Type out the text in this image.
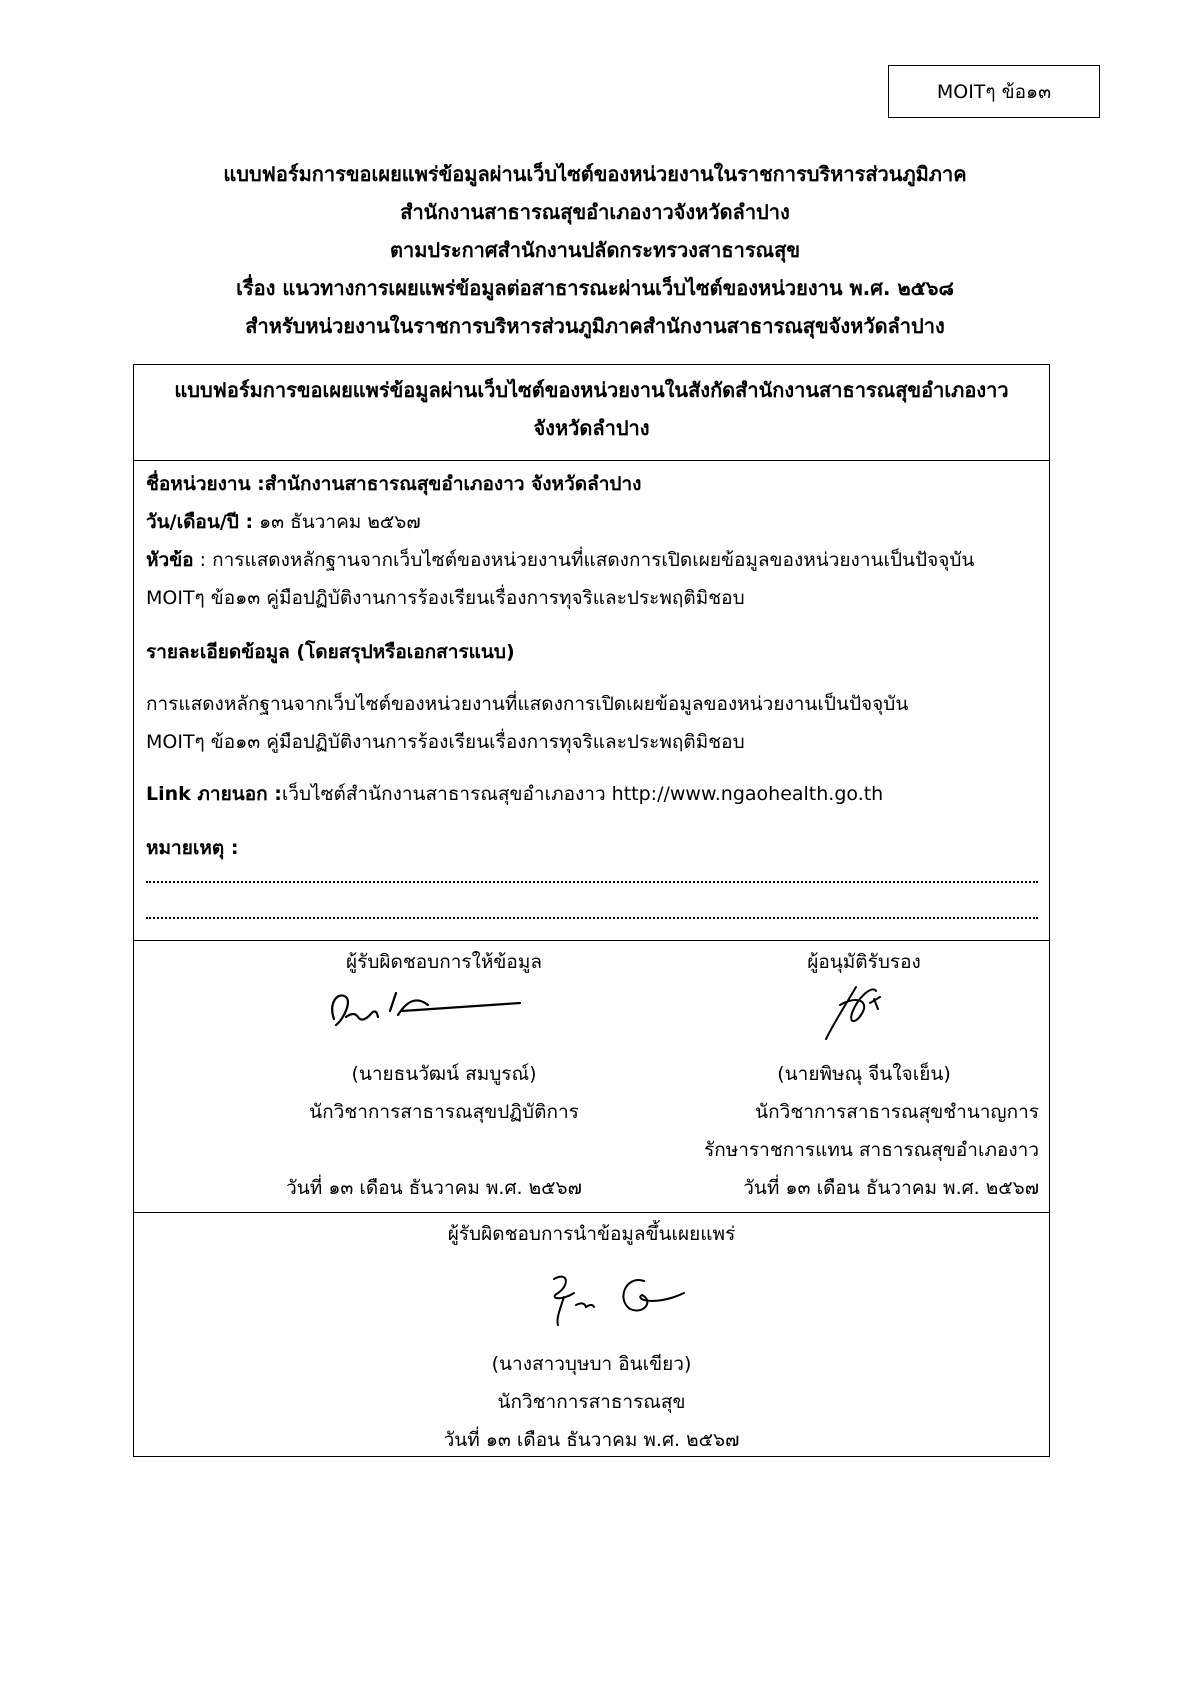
MOITๆ ข้อ๑๓
แบบฟอร์มการขอเผยแพร่ข้อมูลผ่านเว็บไซต์ของหน่วยงานในราชการบริหารส่วนภูมิภาค
สำนักงานสาธารณสุขอำเภองาวจังหวัดลำปาง
ตามประกาศสำนักงานปลัดกระทรวงสาธารณสุข
เรื่อง แนวทางการเผยแพร่ข้อมูลต่อสาธารณะผ่านเว็บไซต์ของหน่วยงาน พ.ศ. ๒๕๖๘
สำหรับหน่วยงานในราชการบริหารส่วนภูมิภาคสำนักงานสาธารณสุขจังหวัดลำปาง
แบบฟอร์มการขอเผยแพร่ข้อมูลผ่านเว็บไซต์ของหน่วยงานในสังกัดสำนักงานสาธารณสุขอำเภองาว
จังหวัดลำปาง
ชื่อหน่วยงาน :สำนักงานสาธารณสุขอำเภองาว จังหวัดลำปาง
วัน/เดือน/ปี : ๑๓ ธันวาคม ๒๕๖๗
หัวข้อ : การแสดงหลักฐานจากเว็บไซต์ของหน่วยงานที่แสดงการเปิดเผยข้อมูลของหน่วยงานเป็นปัจจุบัน
MOITๆ ข้อ๑๓ คู่มือปฏิบัติงานการร้องเรียนเรื่องการทุจริและประพฤติมิชอบ
รายละเอียดข้อมูล (โดยสรุปหรือเอกสารแนบ)
การแสดงหลักฐานจากเว็บไซต์ของหน่วยงานที่แสดงการเปิดเผยข้อมูลของหน่วยงานเป็นปัจจุบัน
MOITๆ ข้อ๑๓ คู่มือปฏิบัติงานการร้องเรียนเรื่องการทุจริและประพฤติมิชอบ
Link ภายนอก :เว็บไซต์สำนักงานสาธารณสุขอำเภองาว http://www.ngaohealth.go.th
หมายเหตุ :
ผู้รับผิดชอบการให้ข้อมูล
(นายธนวัฒน์ สมบูรณ์)
นักวิชาการสาธารณสุขปฏิบัติการ
วันที่ ๑๓ เดือน ธันวาคม พ.ศ. ๒๕๖๗
ผู้อนุมัติรับรอง
(นายพิษณุ จีนใจเย็น)
นักวิชาการสาธารณสุขชำนาญการ
รักษาราชการแทน สาธารณสุขอำเภองาว
วันที่ ๑๓ เดือน ธันวาคม พ.ศ. ๒๕๖๗
ผู้รับผิดชอบการนำข้อมูลขึ้นเผยแพร่
(นางสาวบุษบา อินเขียว)
นักวิชาการสาธารณสุข
วันที่ ๑๓ เดือน ธันวาคม พ.ศ. ๒๕๖๗
